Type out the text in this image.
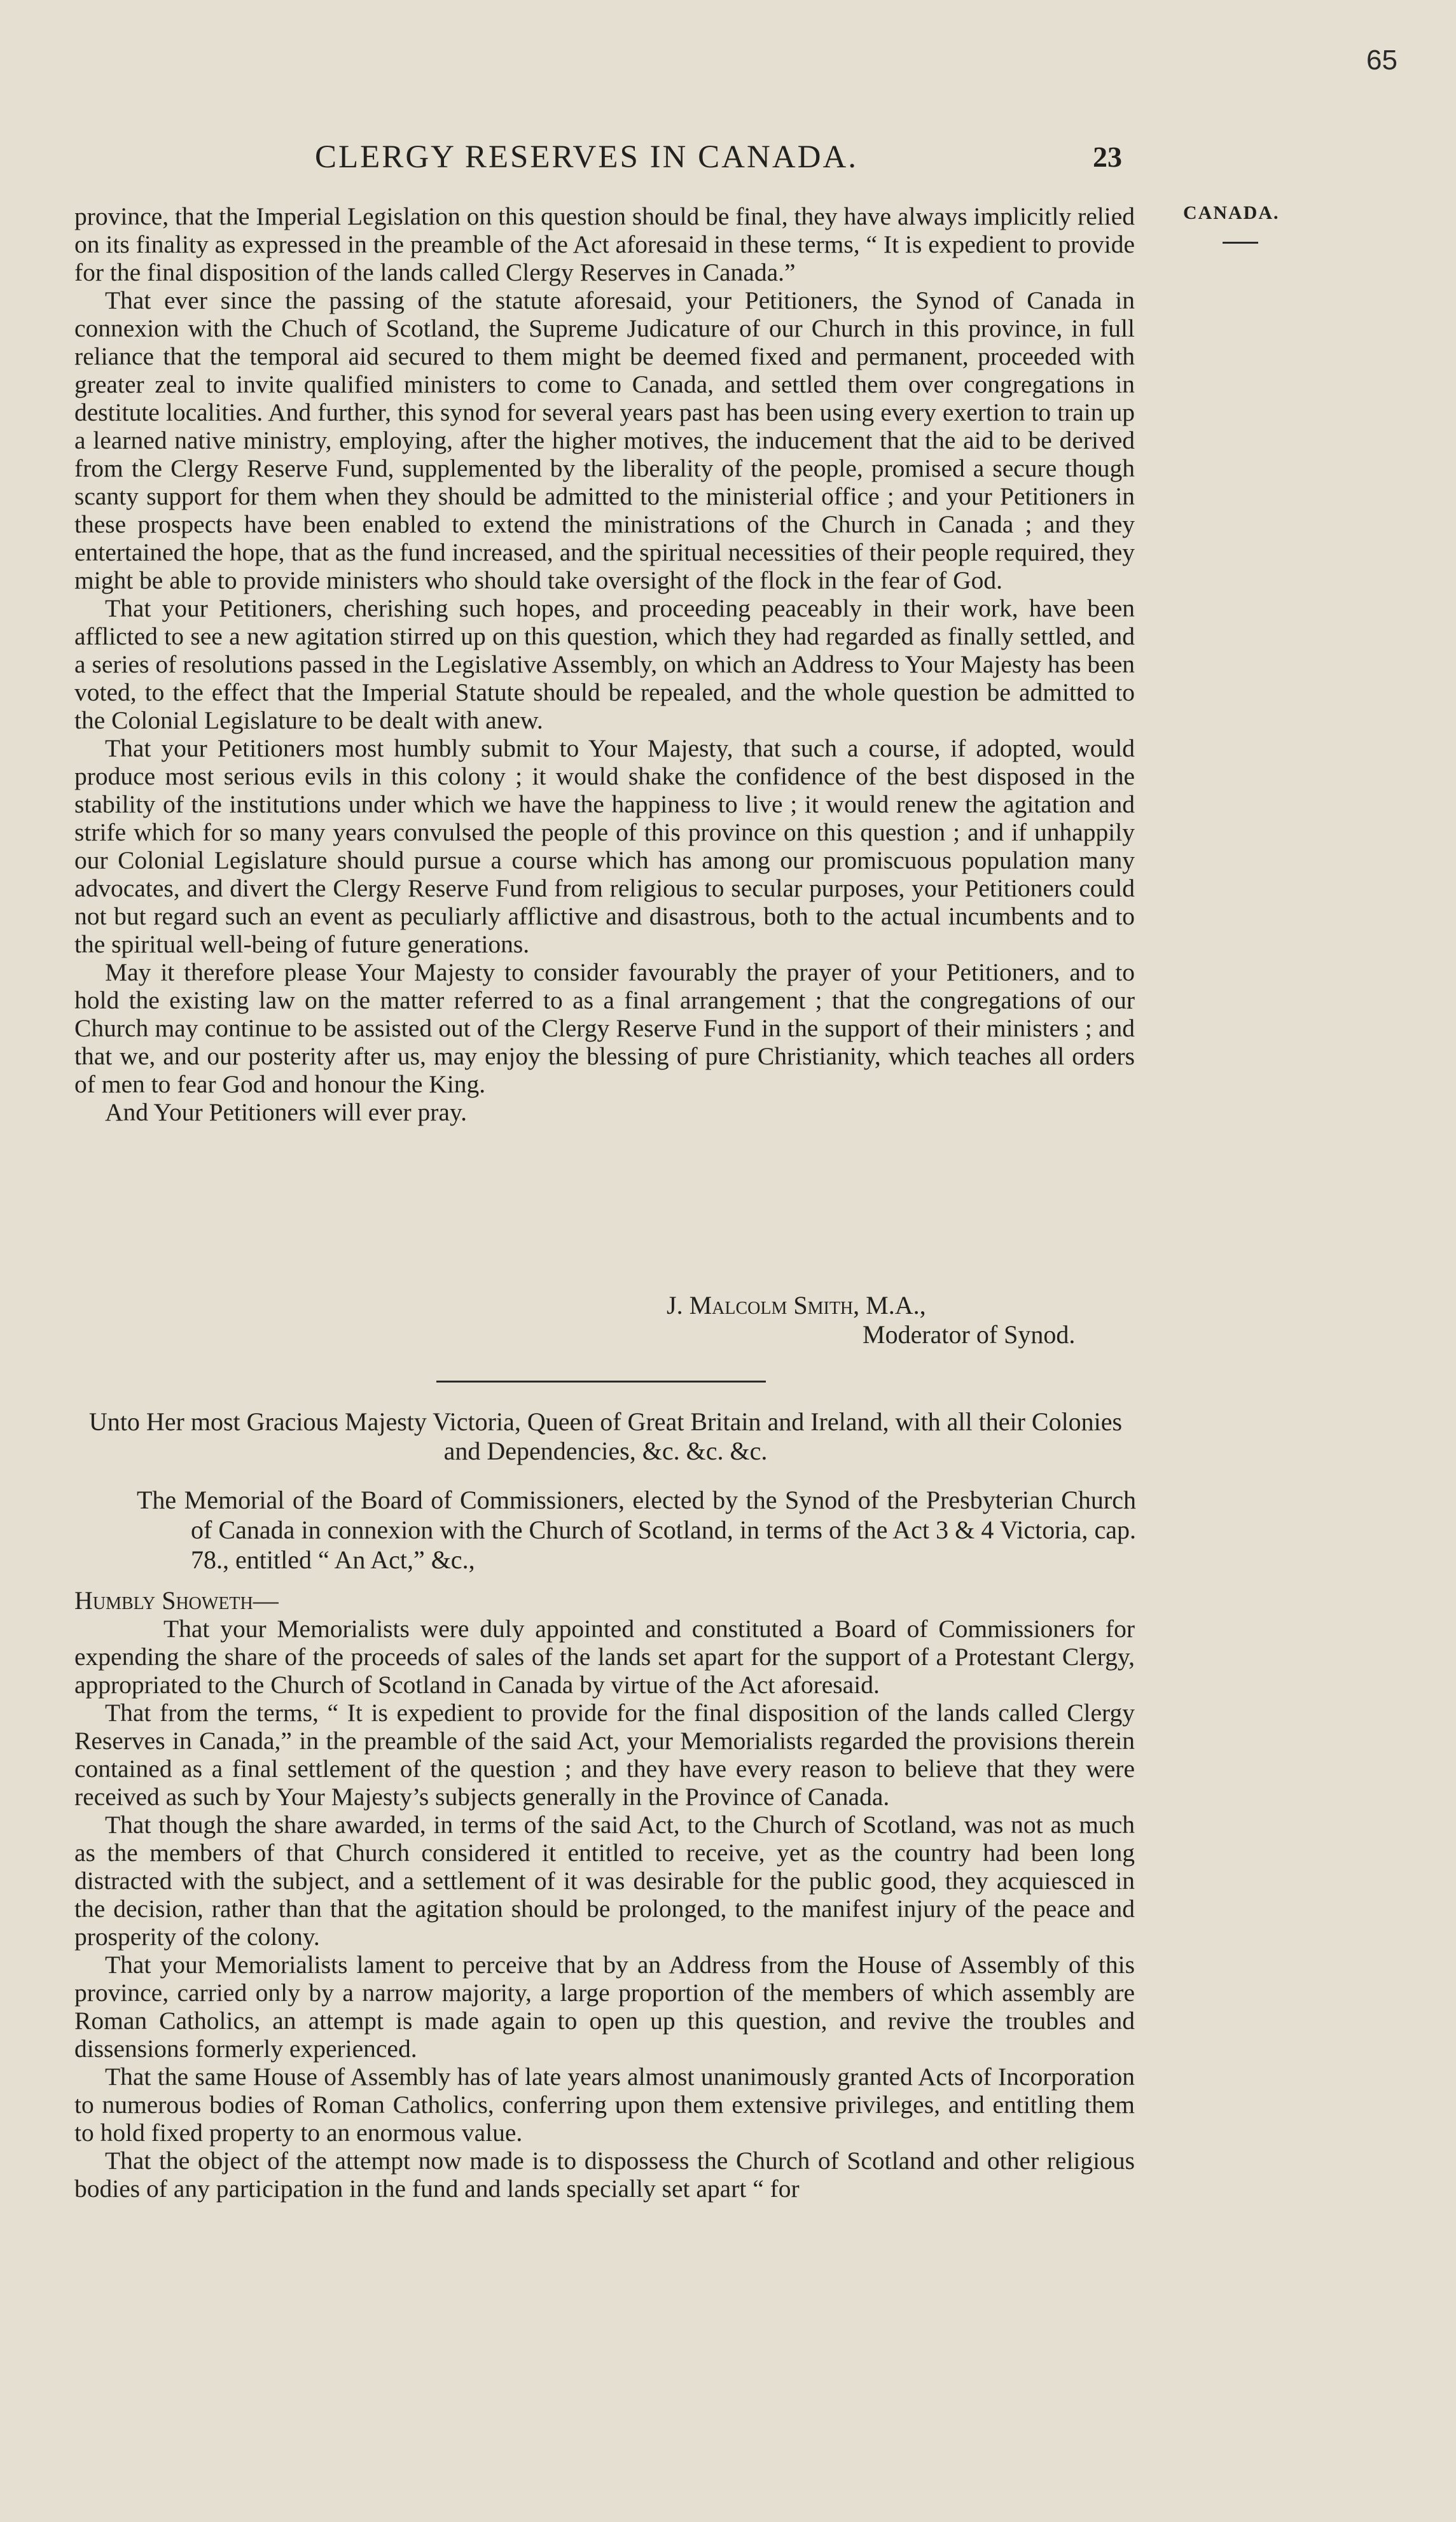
65
CLERGY RESERVES IN CANADA.	23
CANADA.

province, that the Imperial Legislation on this question should be final, they have always implicitly relied on its finality as expressed in the preamble of the Act aforesaid in these terms, “ It is expedient to provide for the final disposition of the lands called Clergy Reserves in Canada.”

That ever since the passing of the statute aforesaid, your Petitioners, the Synod of Canada in connexion with the Chuch of Scotland, the Supreme Judicature of our Church in this province, in full reliance that the temporal aid secured to them might be deemed fixed and permanent, proceeded with greater zeal to invite qualified ministers to come to Canada, and settled them over congregations in destitute localities. And further, this synod for several years past has been using every exertion to train up a learned native ministry, employing, after the higher motives, the inducement that the aid to be derived from the Clergy Reserve Fund, supplemented by the liberality of the people, promised a secure though scanty support for them when they should be admitted to the ministerial office ; and your Petitioners in these prospects have been enabled to extend the ministrations of the Church in Canada ; and they entertained the hope, that as the fund increased, and the spiritual necessities of their people required, they might be able to provide ministers who should take oversight of the flock in the fear of God.

That your Petitioners, cherishing such hopes, and proceeding peaceably in their work, have been afflicted to see a new agitation stirred up on this question, which they had regarded as finally settled, and a series of resolutions passed in the Legislative Assembly, on which an Address to Your Majesty has been voted, to the effect that the Imperial Statute should be repealed, and the whole question be admitted to the Colonial Legislature to be dealt with anew.

That your Petitioners most humbly submit to Your Majesty, that such a course, if adopted, would produce most serious evils in this colony ; it would shake the confidence of the best disposed in the stability of the institutions under which we have the happiness to live ; it would renew the agitation and strife which for so many years convulsed the people of this province on this question ; and if unhappily our Colonial Legislature should pursue a course which has among our promiscuous population many advocates, and divert the Clergy Reserve Fund from religious to secular purposes, your Petitioners could not but regard such an event as peculiarly afflictive and disastrous, both to the actual incumbents and to the spiritual well-being of future generations.

May it therefore please Your Majesty to consider favourably the prayer of your Petitioners, and to hold the existing law on the matter referred to as a final arrangement ; that the congregations of our Church may continue to be assisted out of the Clergy Reserve Fund in the support of their ministers ; and that we, and our posterity after us, may enjoy the blessing of pure Christianity, which teaches all orders of men to fear God and honour the King.

And Your Petitioners will ever pray.

J. Malcolm Smith, M.A.,
Moderator of Synod.
Unto Her most Gracious Majesty Victoria, Queen of Great Britain and Ireland, with all their Colonies and Dependencies, &c. &c. &c.
The Memorial of the Board of Commissioners, elected by the Synod of the Presbyterian Church of Canada in connexion with the Church of Scotland, in terms of the Act 3 & 4 Victoria, cap. 78., entitled “ An Act,” &c.,
Humbly Showeth—

That your Memorialists were duly appointed and constituted a Board of Commissioners for expending the share of the proceeds of sales of the lands set apart for the support of a Protestant Clergy, appropriated to the Church of Scotland in Canada by virtue of the Act aforesaid.

That from the terms, “ It is expedient to provide for the final disposition of the lands called Clergy Reserves in Canada,” in the preamble of the said Act, your Memorialists regarded the provisions therein contained as a final settlement of the question ; and they have every reason to believe that they were received as such by Your Majesty’s subjects generally in the Province of Canada.

That though the share awarded, in terms of the said Act, to the Church of Scotland, was not as much as the members of that Church considered it entitled to receive, yet as the country had been long distracted with the subject, and a settlement of it was desirable for the public good, they acquiesced in the decision, rather than that the agitation should be prolonged, to the manifest injury of the peace and prosperity of the colony.

That your Memorialists lament to perceive that by an Address from the House of Assembly of this province, carried only by a narrow majority, a large proportion of the members of which assembly are Roman Catholics, an attempt is made again to open up this question, and revive the troubles and dissensions formerly experienced.

That the same House of Assembly has of late years almost unanimously granted Acts of Incorporation to numerous bodies of Roman Catholics, conferring upon them extensive privileges, and entitling them to hold fixed property to an enormous value.

That the object of the attempt now made is to dispossess the Church of Scotland and other religious bodies of any participation in the fund and lands specially set apart “ for
